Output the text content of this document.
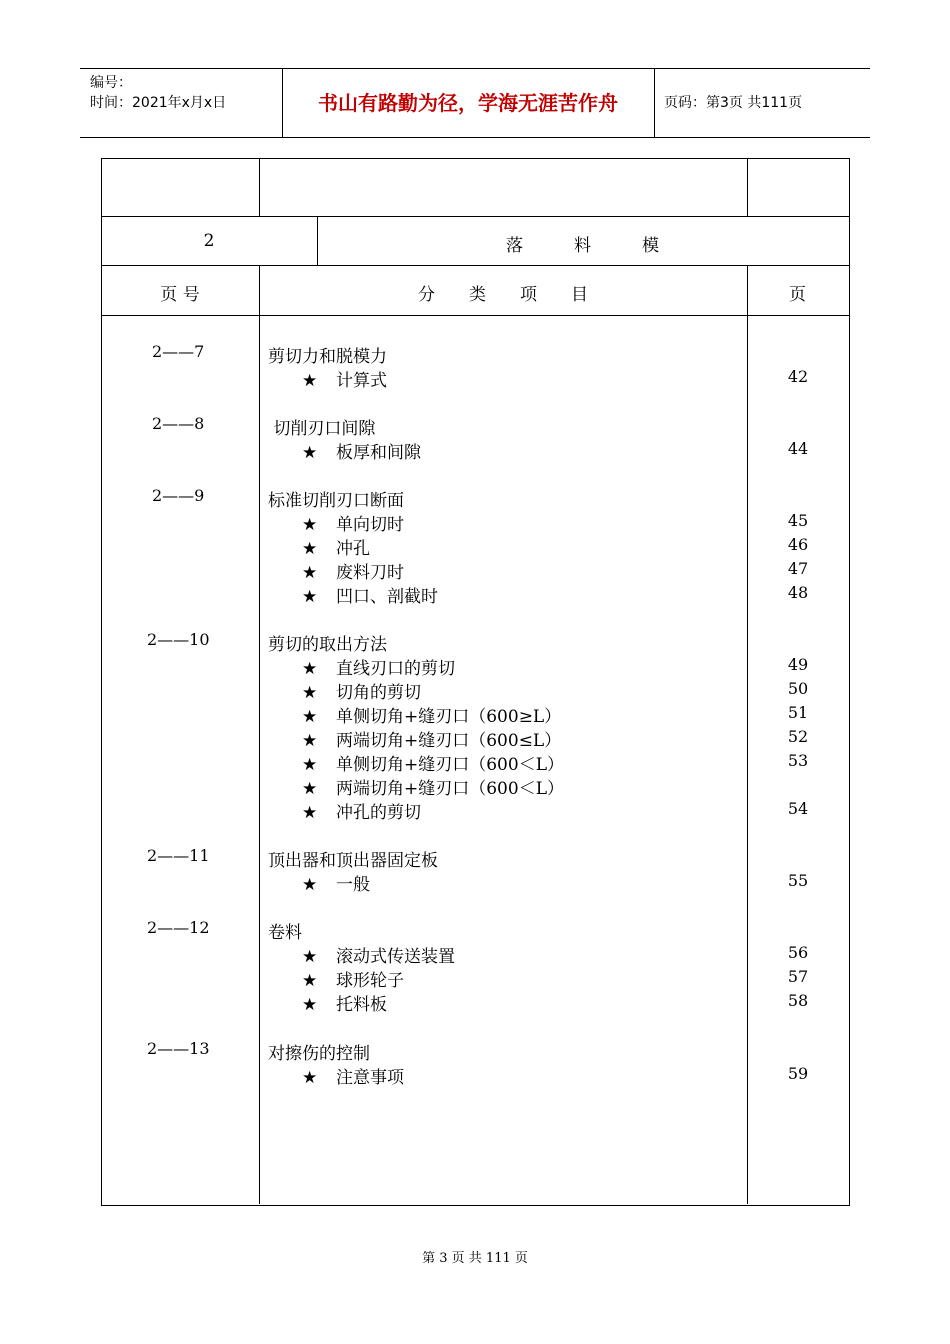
编号：
时间：2021年x月x日	书山有路勤为径，学海无涯苦作舟	页码：第3页 共111页
2	落　　　料　　　模
页 号	分　　类　　项　　目	页
2——7	剪切力和脱模力
★ 计算式	42
2——8	切削刃口间隙
★ 板厚和间隙	44
2——9	标准切削刃口断面
★ 单向切时	45
★ 冲孔	46
★ 废料刀时	47
★ 凹口、剖截时	48
2——10	剪切的取出方法
★ 直线刃口的剪切	49
★ 切角的剪切	50
★ 单侧切角+缝刃口（600≥L）	51
★ 两端切角+缝刃口（600≤L）	52
★ 单侧切角+缝刃口（600＜L）	53
★ 两端切角+缝刃口（600＜L）
★ 冲孔的剪切	54
2——11	顶出器和顶出器固定板
★ 一般	55
2——12	卷料
★ 滚动式传送装置	56
★ 球形轮子	57
★ 托料板	58
2——13	对擦伤的控制
★ 注意事项	59
第 3 页 共 111 页
